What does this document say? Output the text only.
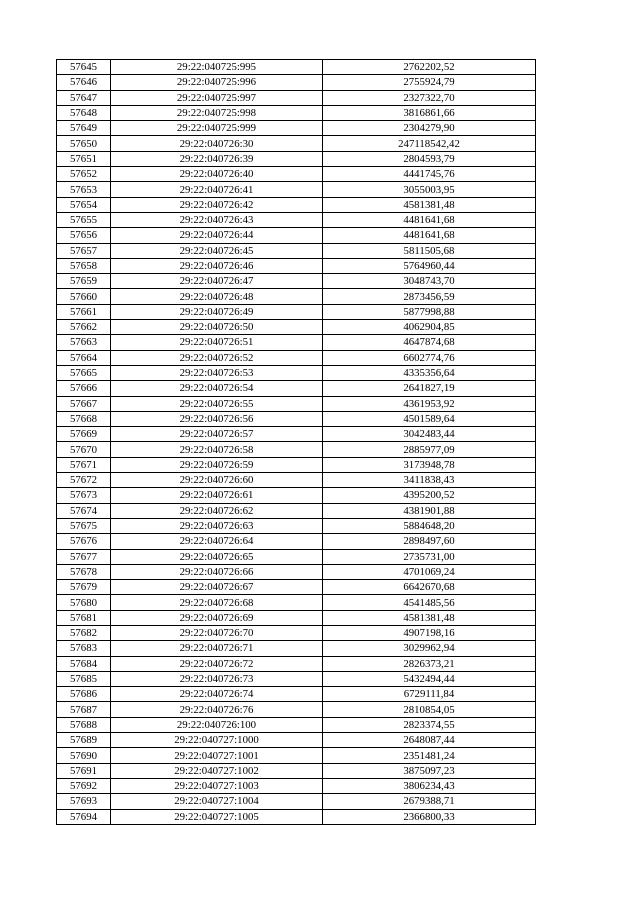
57645	29:22:040725:995	2762202,52
57646	29:22:040725:996	2755924,79
57647	29:22:040725:997	2327322,70
57648	29:22:040725:998	3816861,66
57649	29:22:040725:999	2304279,90
57650	29:22:040726:30	247118542,42
57651	29:22:040726:39	2804593,79
57652	29:22:040726:40	4441745,76
57653	29:22:040726:41	3055003,95
57654	29:22:040726:42	4581381,48
57655	29:22:040726:43	4481641,68
57656	29:22:040726:44	4481641,68
57657	29:22:040726:45	5811505,68
57658	29:22:040726:46	5764960,44
57659	29:22:040726:47	3048743,70
57660	29:22:040726:48	2873456,59
57661	29:22:040726:49	5877998,88
57662	29:22:040726:50	4062904,85
57663	29:22:040726:51	4647874,68
57664	29:22:040726:52	6602774,76
57665	29:22:040726:53	4335356,64
57666	29:22:040726:54	2641827,19
57667	29:22:040726:55	4361953,92
57668	29:22:040726:56	4501589,64
57669	29:22:040726:57	3042483,44
57670	29:22:040726:58	2885977,09
57671	29:22:040726:59	3173948,78
57672	29:22:040726:60	3411838,43
57673	29:22:040726:61	4395200,52
57674	29:22:040726:62	4381901,88
57675	29:22:040726:63	5884648,20
57676	29:22:040726:64	2898497,60
57677	29:22:040726:65	2735731,00
57678	29:22:040726:66	4701069,24
57679	29:22:040726:67	6642670,68
57680	29:22:040726:68	4541485,56
57681	29:22:040726:69	4581381,48
57682	29:22:040726:70	4907198,16
57683	29:22:040726:71	3029962,94
57684	29:22:040726:72	2826373,21
57685	29:22:040726:73	5432494,44
57686	29:22:040726:74	6729111,84
57687	29:22:040726:76	2810854,05
57688	29:22:040726:100	2823374,55
57689	29:22:040727:1000	2648087,44
57690	29:22:040727:1001	2351481,24
57691	29:22:040727:1002	3875097,23
57692	29:22:040727:1003	3806234,43
57693	29:22:040727:1004	2679388,71
57694	29:22:040727:1005	2366800,33
